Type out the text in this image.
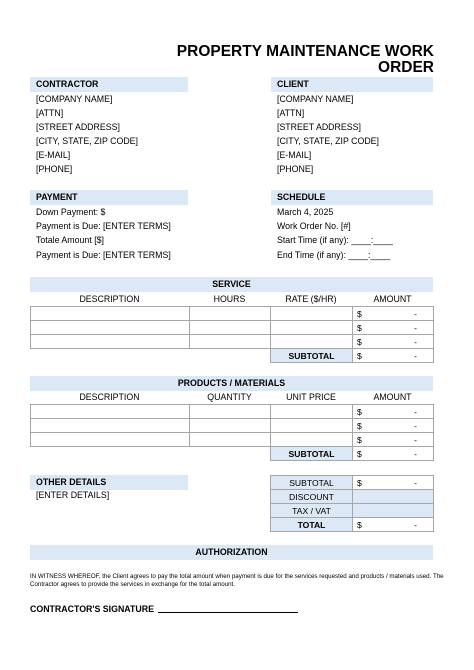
PROPERTY MAINTENANCE WORK
ORDER
CONTRACTOR
[COMPANY NAME]
[ATTN]
[STREET ADDRESS]
[CITY, STATE, ZIP CODE]
[E-MAIL]
[PHONE]
CLIENT
[COMPANY NAME]
[ATTN]
[STREET ADDRESS]
[CITY, STATE, ZIP CODE]
[E-MAIL]
[PHONE]
PAYMENT
Down Payment: $
Payment is Due: [ENTER TERMS]
Totale Amount [$]
Payment is Due: [ENTER TERMS]
SCHEDULE
March 4, 2025
Work Order No. [#]
Start Time (if any): ____:____
End Time (if any): ____:____
SERVICE
DESCRIPTION	HOURS	RATE ($/HR)	AMOUNT
			$ -

			$ -

			$ -

		SUBTOTAL	$ -
PRODUCTS / MATERIALS
DESCRIPTION	QUANTITY	UNIT PRICE	AMOUNT
			$ -

			$ -

			$ -

		SUBTOTAL	$ -
OTHER DETAILS
[ENTER DETAILS]
SUBTOTAL	$ -

DISCOUNT	
TAX / VAT	
TOTAL	$ -
AUTHORIZATION
IN WITNESS WHEREOF, the Client agrees to pay the total amount when payment is due for the services requested and products / materials used. The Contractor agrees to provide the services in exchange for the total amount.
CONTRACTOR'S SIGNATURE
